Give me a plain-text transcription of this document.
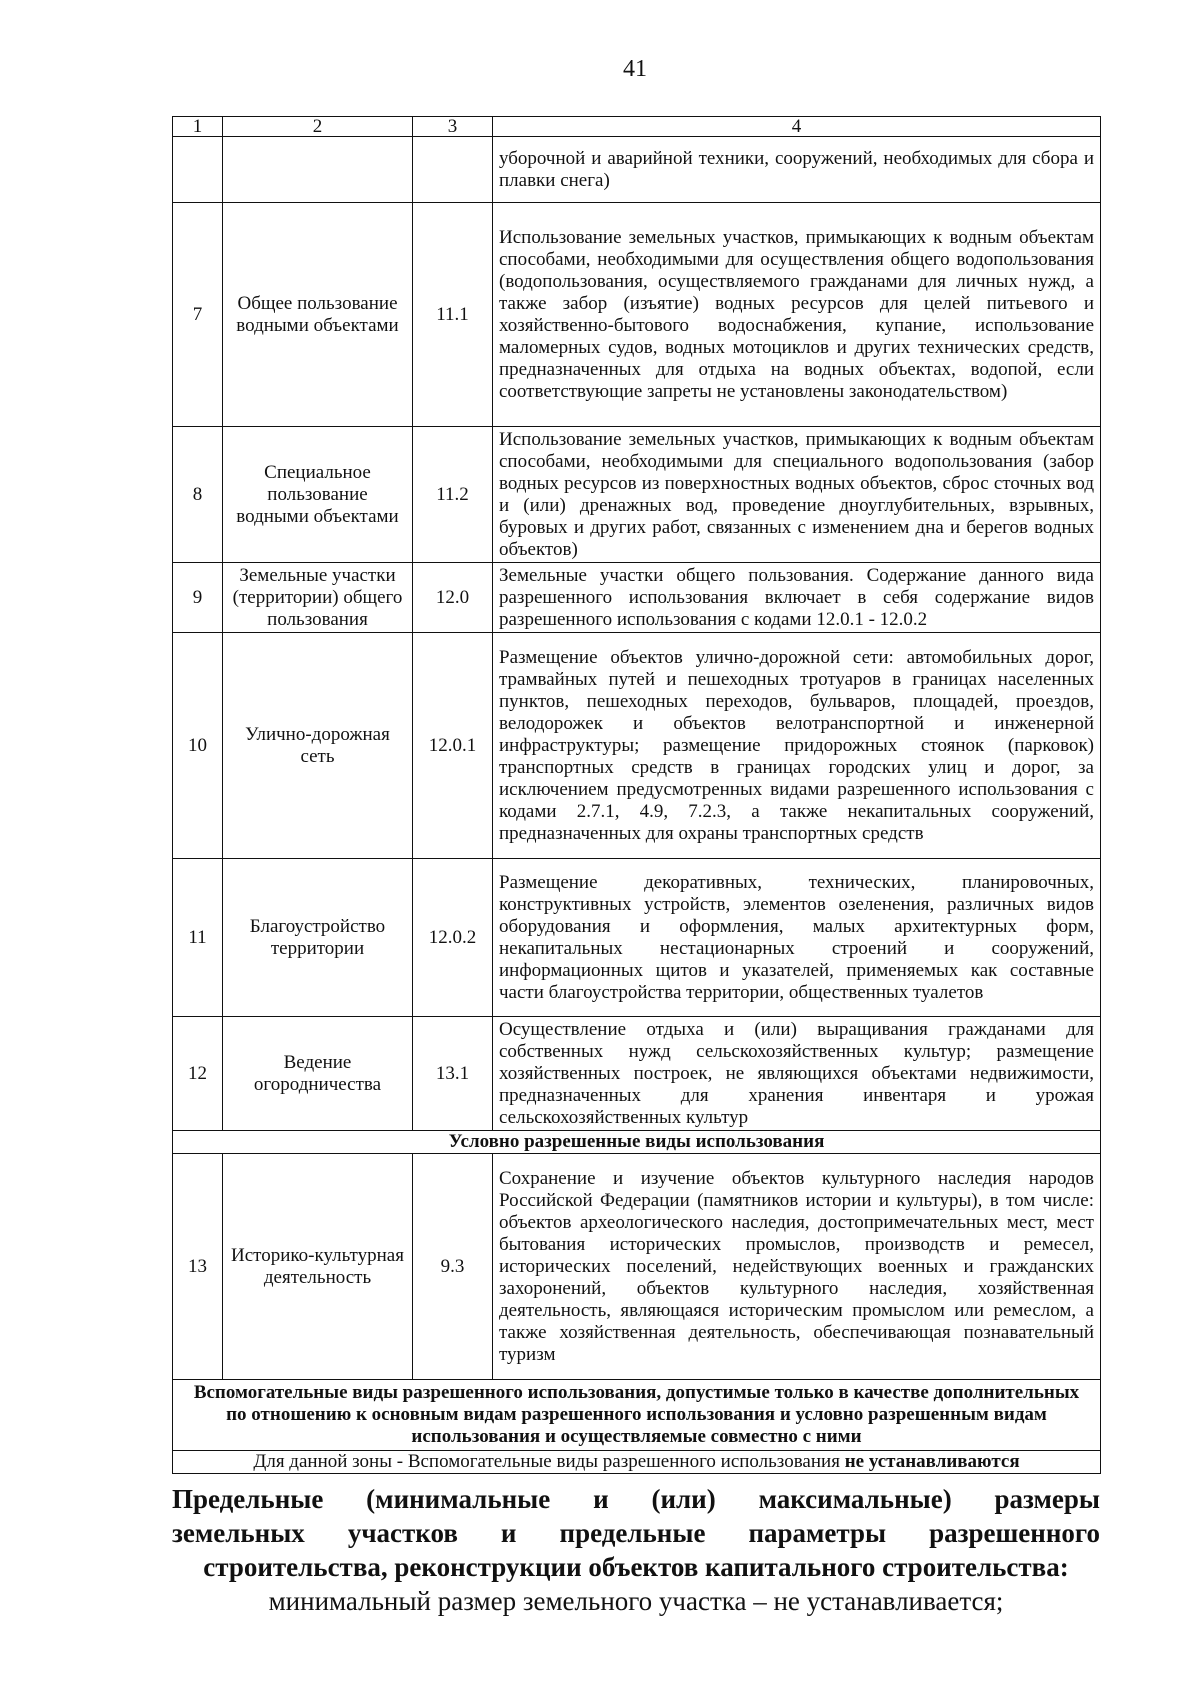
41
1	2	3	4
			уборочной и аварийной техники, сооружений, необходимых для сбора и плавки снега)
7	Общее пользование водными объектами	11.1	Использование земельных участков, примыкающих к водным объектам способами, необходимыми для осуществления общего водопользования (водопользования, осуществляемого гражданами для личных нужд, а также забор (изъятие) водных ресурсов для целей питьевого и хозяйственно-бытового водоснабжения, купание, использование маломерных судов, водных мотоциклов и других технических средств, предназначенных для отдыха на водных объектах, водопой, если соответствующие запреты не установлены законодательством)
8	Специальное пользование водными объектами	11.2	Использование земельных участков, примыкающих к водным объектам способами, необходимыми для специального водопользования (забор водных ресурсов из поверхностных водных объектов, сброс сточных вод и (или) дренажных вод, проведение дноуглубительных, взрывных, буровых и других работ, связанных с изменением дна и берегов водных объектов)
9	Земельные участки (территории) общего пользования	12.0	Земельные участки общего пользования. Содержание данного вида разрешенного использования включает в себя содержание видов разрешенного использования с кодами 12.0.1 - 12.0.2
10	Улично-дорожная сеть	12.0.1	Размещение объектов улично-дорожной сети: автомобильных дорог, трамвайных путей и пешеходных тротуаров в границах населенных пунктов, пешеходных переходов, бульваров, площадей, проездов, велодорожек и объектов велотранспортной и инженерной инфраструктуры; размещение придорожных стоянок (парковок) транспортных средств в границах городских улиц и дорог, за исключением предусмотренных видами разрешенного использования с кодами 2.7.1, 4.9, 7.2.3, а также некапитальных сооружений, предназначенных для охраны транспортных средств
11	Благоустройство территории	12.0.2	Размещение декоративных, технических, планировочных, конструктивных устройств, элементов озеленения, различных видов оборудования и оформления, малых архитектурных форм, некапитальных нестационарных строений и сооружений, информационных щитов и указателей, применяемых как составные части благоустройства территории, общественных туалетов
12	Ведение огородничества	13.1	Осуществление отдыха и (или) выращивания гражданами для собственных нужд сельскохозяйственных культур; размещение хозяйственных построек, не являющихся объектами недвижимости, предназначенных для хранения инвентаря и урожая сельскохозяйственных культур
Условно разрешенные виды использования			
13	Историко-культурная деятельность	9.3	Сохранение и изучение объектов культурного наследия народов Российской Федерации (памятников истории и культуры), в том числе: объектов археологического наследия, достопримечательных мест, мест бытования исторических промыслов, производств и ремесел, исторических поселений, недействующих военных и гражданских захоронений, объектов культурного наследия, хозяйственная деятельность, являющаяся историческим промыслом или ремеслом, а также хозяйственная деятельность, обеспечивающая познавательный туризм
Вспомогательные виды разрешенного использования, допустимые только в качестве дополнительных по отношению к основным видам разрешенного использования и условно разрешенным видам использования и осуществляемые совместно с ними			
Для данной зоны - Вспомогательные виды разрешенного использования не устанавливаются			
Предельные (минимальные и (или) максимальные) размеры
земельных участков и предельные параметры разрешенного
строительства, реконструкции объектов капитального строительства:
минимальный размер земельного участка – не устанавливается;
